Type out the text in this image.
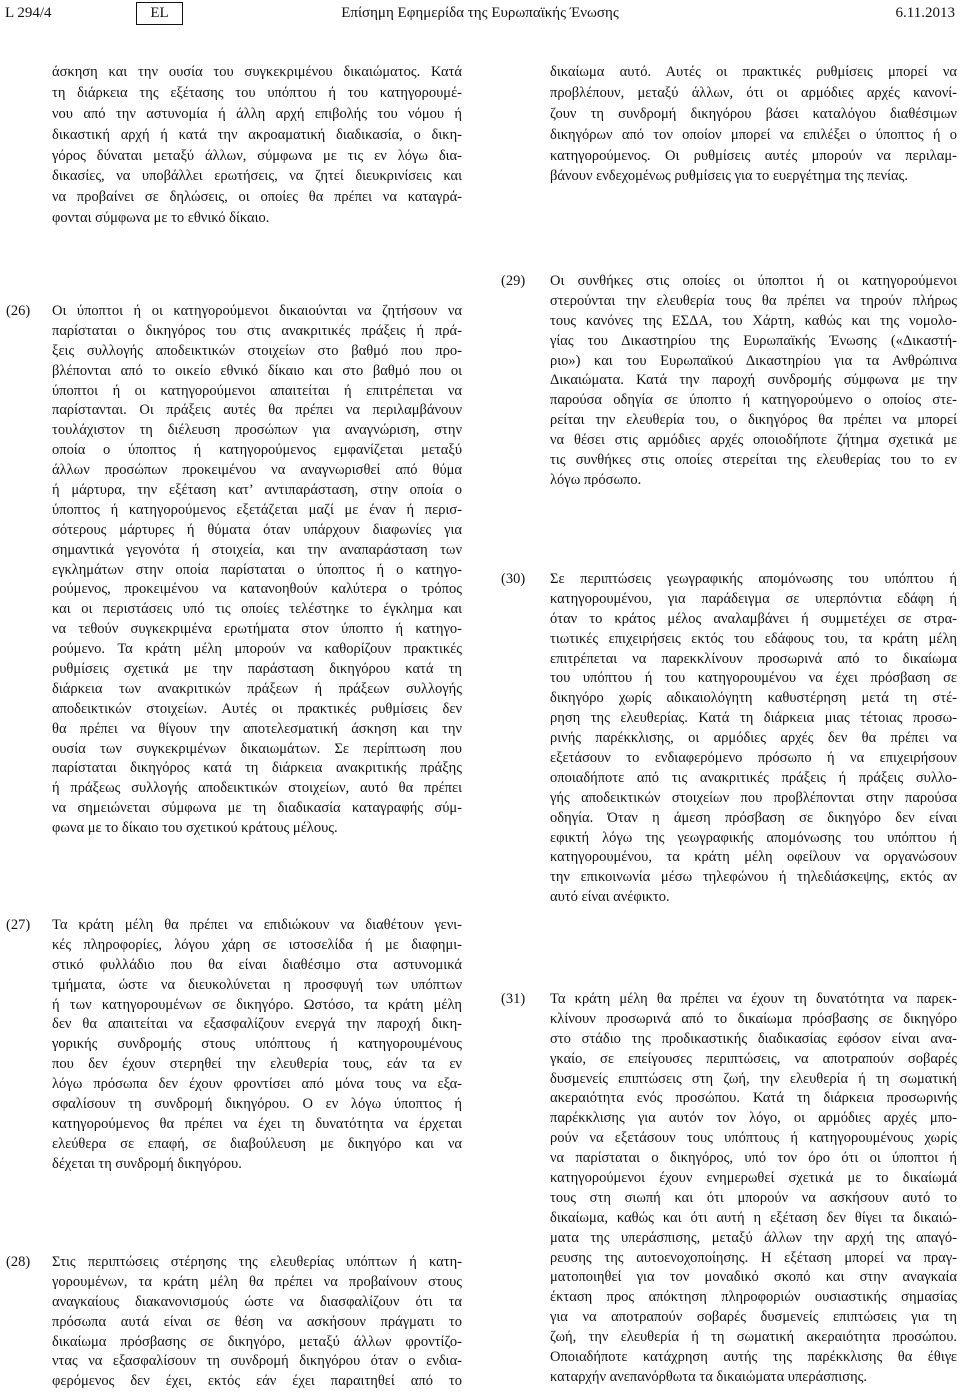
L 294/4	Επίσημη Εφημερίδα της Ευρωπαϊκής Ένωσης
EL	6.11.2013
άσκηση και την ουσία του συγκεκριμένου δικαιώματος. Κατά
τη διάρκεια της εξέτασης του υπόπτου ή του κατηγορουμέ-
νου από την αστυνομία ή άλλη αρχή επιβολής του νόμου ή
δικαστική αρχή ή κατά την ακροαματική διαδικασία, ο δικη-
γόρος δύναται μεταξύ άλλων, σύμφωνα με τις εν λόγω δια-
δικασίες, να υποβάλλει ερωτήσεις, να ζητεί διευκρινίσεις και
να προβαίνει σε δηλώσεις, οι οποίες θα πρέπει να καταγρά-
φονται σύμφωνα με το εθνικό δίκαιο.
(26) Οι ύποπτοι ή οι κατηγορούμενοι δικαιούνται να ζητήσουν να
παρίσταται ο δικηγόρος του στις ανακριτικές πράξεις ή πρά-
ξεις συλλογής αποδεικτικών στοιχείων στο βαθμό που προ-
βλέπονται από το οικείο εθνικό δίκαιο και στο βαθμό που οι
ύποπτοι ή οι κατηγορούμενοι απαιτείται ή επιτρέπεται να
παρίστανται. Οι πράξεις αυτές θα πρέπει να περιλαμβάνουν
τουλάχιστον τη διέλευση προσώπων για αναγνώριση, στην
οποία ο ύποπτος ή κατηγορούμενος εμφανίζεται μεταξύ
άλλων προσώπων προκειμένου να αναγνωρισθεί από θύμα
ή μάρτυρα, την εξέταση κατ’ αντιπαράσταση, στην οποία ο
ύποπτος ή κατηγορούμενος εξετάζεται μαζί με έναν ή περισ-
σότερους μάρτυρες ή θύματα όταν υπάρχουν διαφωνίες για
σημαντικά γεγονότα ή στοιχεία, και την αναπαράσταση των
εγκλημάτων στην οποία παρίσταται ο ύποπτος ή ο κατηγο-
ρούμενος, προκειμένου να κατανοηθούν καλύτερα ο τρόπος
και οι περιστάσεις υπό τις οποίες τελέστηκε το έγκλημα και
να τεθούν συγκεκριμένα ερωτήματα στον ύποπτο ή κατηγο-
ρούμενο. Τα κράτη μέλη μπορούν να καθορίζουν πρακτικές
ρυθμίσεις σχετικά με την παράσταση δικηγόρου κατά τη
διάρκεια των ανακριτικών πράξεων ή πράξεων συλλογής
αποδεικτικών στοιχείων. Αυτές οι πρακτικές ρυθμίσεις δεν
θα πρέπει να θίγουν την αποτελεσματική άσκηση και την
ουσία των συγκεκριμένων δικαιωμάτων. Σε περίπτωση που
παρίσταται δικηγόρος κατά τη διάρκεια ανακριτικής πράξης
ή πράξεως συλλογής αποδεικτικών στοιχείων, αυτό θα πρέπει
να σημειώνεται σύμφωνα με τη διαδικασία καταγραφής σύμ-
φωνα με το δίκαιο του σχετικού κράτους μέλους.
(27) Τα κράτη μέλη θα πρέπει να επιδιώκουν να διαθέτουν γενι-
κές πληροφορίες, λόγου χάρη σε ιστοσελίδα ή με διαφημι-
στικό φυλλάδιο που θα είναι διαθέσιμο στα αστυνομικά
τμήματα, ώστε να διευκολύνεται η προσφυγή των υπόπτων
ή των κατηγορουμένων σε δικηγόρο. Ωστόσο, τα κράτη μέλη
δεν θα απαιτείται να εξασφαλίζουν ενεργά την παροχή δικη-
γορικής συνδρομής στους υπόπτους ή κατηγορουμένους
που δεν έχουν στερηθεί την ελευθερία τους, εάν τα εν
λόγω πρόσωπα δεν έχουν φροντίσει από μόνα τους να εξα-
σφαλίσουν τη συνδρομή δικηγόρου. Ο εν λόγω ύποπτος ή
κατηγορούμενος θα πρέπει να έχει τη δυνατότητα να έρχεται
ελεύθερα σε επαφή, σε διαβούλευση με δικηγόρο και να
δέχεται τη συνδρομή δικηγόρου.
(28) Στις περιπτώσεις στέρησης της ελευθερίας υπόπτων ή κατη-
γορουμένων, τα κράτη μέλη θα πρέπει να προβαίνουν στους
αναγκαίους διακανονισμούς ώστε να διασφαλίζουν ότι τα
πρόσωπα αυτά είναι σε θέση να ασκήσουν πράγματι το
δικαίωμα πρόσβασης σε δικηγόρο, μεταξύ άλλων φροντίζο-
ντας να εξασφαλίσουν τη συνδρομή δικηγόρου όταν ο ενδια-
φερόμενος δεν έχει, εκτός εάν έχει παραιτηθεί από το
δικαίωμα αυτό. Αυτές οι πρακτικές ρυθμίσεις μπορεί να
προβλέπουν, μεταξύ άλλων, ότι οι αρμόδιες αρχές κανονί-
ζουν τη συνδρομή δικηγόρου βάσει καταλόγου διαθέσιμων
δικηγόρων από τον οποίον μπορεί να επιλέξει ο ύποπτος ή ο
κατηγορούμενος. Οι ρυθμίσεις αυτές μπορούν να περιλαμ-
βάνουν ενδεχομένως ρυθμίσεις για το ευεργέτημα της πενίας.
(29) Οι συνθήκες στις οποίες οι ύποπτοι ή οι κατηγορούμενοι
στερούνται την ελευθερία τους θα πρέπει να τηρούν πλήρως
τους κανόνες της ΕΣΔΑ, του Χάρτη, καθώς και της νομολο-
γίας του Δικαστηρίου της Ευρωπαϊκής Ένωσης («Δικαστή-
ριο») και του Ευρωπαϊκού Δικαστηρίου για τα Ανθρώπινα
Δικαιώματα. Κατά την παροχή συνδρομής σύμφωνα με την
παρούσα οδηγία σε ύποπτο ή κατηγορούμενο ο οποίος στε-
ρείται την ελευθερία του, ο δικηγόρος θα πρέπει να μπορεί
να θέσει στις αρμόδιες αρχές οποιοδήποτε ζήτημα σχετικά με
τις συνθήκες στις οποίες στερείται της ελευθερίας του το εν
λόγω πρόσωπο.
(30) Σε περιπτώσεις γεωγραφικής απομόνωσης του υπόπτου ή
κατηγορουμένου, για παράδειγμα σε υπερπόντια εδάφη ή
όταν το κράτος μέλος αναλαμβάνει ή συμμετέχει σε στρα-
τιωτικές επιχειρήσεις εκτός του εδάφους του, τα κράτη μέλη
επιτρέπεται να παρεκκλίνουν προσωρινά από το δικαίωμα
του υπόπτου ή του κατηγορουμένου να έχει πρόσβαση σε
δικηγόρο χωρίς αδικαιολόγητη καθυστέρηση μετά τη στέ-
ρηση της ελευθερίας. Κατά τη διάρκεια μιας τέτοιας προσω-
ρινής παρέκκλισης, οι αρμόδιες αρχές δεν θα πρέπει να
εξετάσουν το ενδιαφερόμενο πρόσωπο ή να επιχειρήσουν
οποιαδήποτε από τις ανακριτικές πράξεις ή πράξεις συλλο-
γής αποδεικτικών στοιχείων που προβλέπονται στην παρούσα
οδηγία. Όταν η άμεση πρόσβαση σε δικηγόρο δεν είναι
εφικτή λόγω της γεωγραφικής απομόνωσης του υπόπτου ή
κατηγορουμένου, τα κράτη μέλη οφείλουν να οργανώσουν
την επικοινωνία μέσω τηλεφώνου ή τηλεδιάσκεψης, εκτός αν
αυτό είναι ανέφικτο.
(31) Τα κράτη μέλη θα πρέπει να έχουν τη δυνατότητα να παρεκ-
κλίνουν προσωρινά από το δικαίωμα πρόσβασης σε δικηγόρο
στο στάδιο της προδικαστικής διαδικασίας εφόσον είναι ανα-
γκαίο, σε επείγουσες περιπτώσεις, να αποτραπούν σοβαρές
δυσμενείς επιπτώσεις στη ζωή, την ελευθερία ή τη σωματική
ακεραιότητα ενός προσώπου. Κατά τη διάρκεια προσωρινής
παρέκκλισης για αυτόν τον λόγο, οι αρμόδιες αρχές μπο-
ρούν να εξετάσουν τους υπόπτους ή κατηγορουμένους χωρίς
να παρίσταται ο δικηγόρος, υπό τον όρο ότι οι ύποπτοι ή
κατηγορούμενοι έχουν ενημερωθεί σχετικά με το δικαίωμά
τους στη σιωπή και ότι μπορούν να ασκήσουν αυτό το
δικαίωμα, καθώς και ότι αυτή η εξέταση δεν θίγει τα δικαιώ-
ματα της υπεράσπισης, μεταξύ άλλων την αρχή της απαγό-
ρευσης της αυτοενοχοποίησης. Η εξέταση μπορεί να πραγ-
ματοποιηθεί για τον μοναδικό σκοπό και στην αναγκαία
έκταση προς απόκτηση πληροφοριών ουσιαστικής σημασίας
για να αποτραπούν σοβαρές δυσμενείς επιπτώσεις για τη
ζωή, την ελευθερία ή τη σωματική ακεραιότητα προσώπου.
Οποιαδήποτε κατάχρηση αυτής της παρέκκλισης θα έθιγε
καταρχήν ανεπανόρθωτα τα δικαιώματα υπεράσπισης.
